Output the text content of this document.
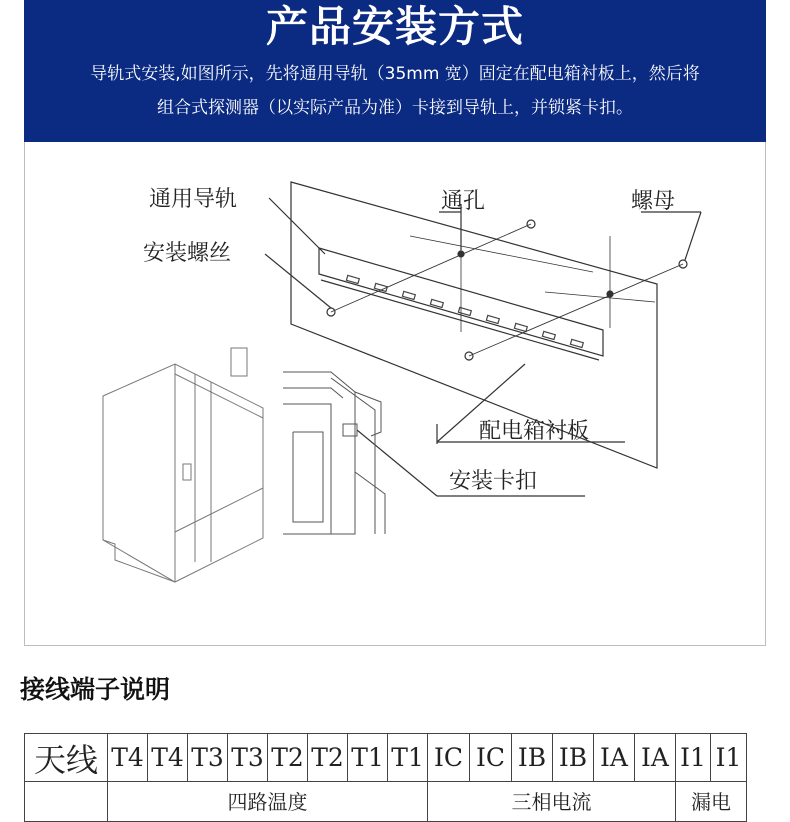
产品安装方式
导轨式安装,如图所示，先将通用导轨（35mm 宽）固定在配电箱衬板上，然后将
组合式探测器（以实际产品为准）卡接到导轨上，并锁紧卡扣。
通用导轨
安装螺丝
通孔	螺母
配电箱衬板
安装卡扣
接线端子说明
天线	T4	T4	T3	T3	T2	T2	T1	T1	IC	IC	IB	IB	IA	IA	I1	I1
	四路温度								三相电流						漏电	
